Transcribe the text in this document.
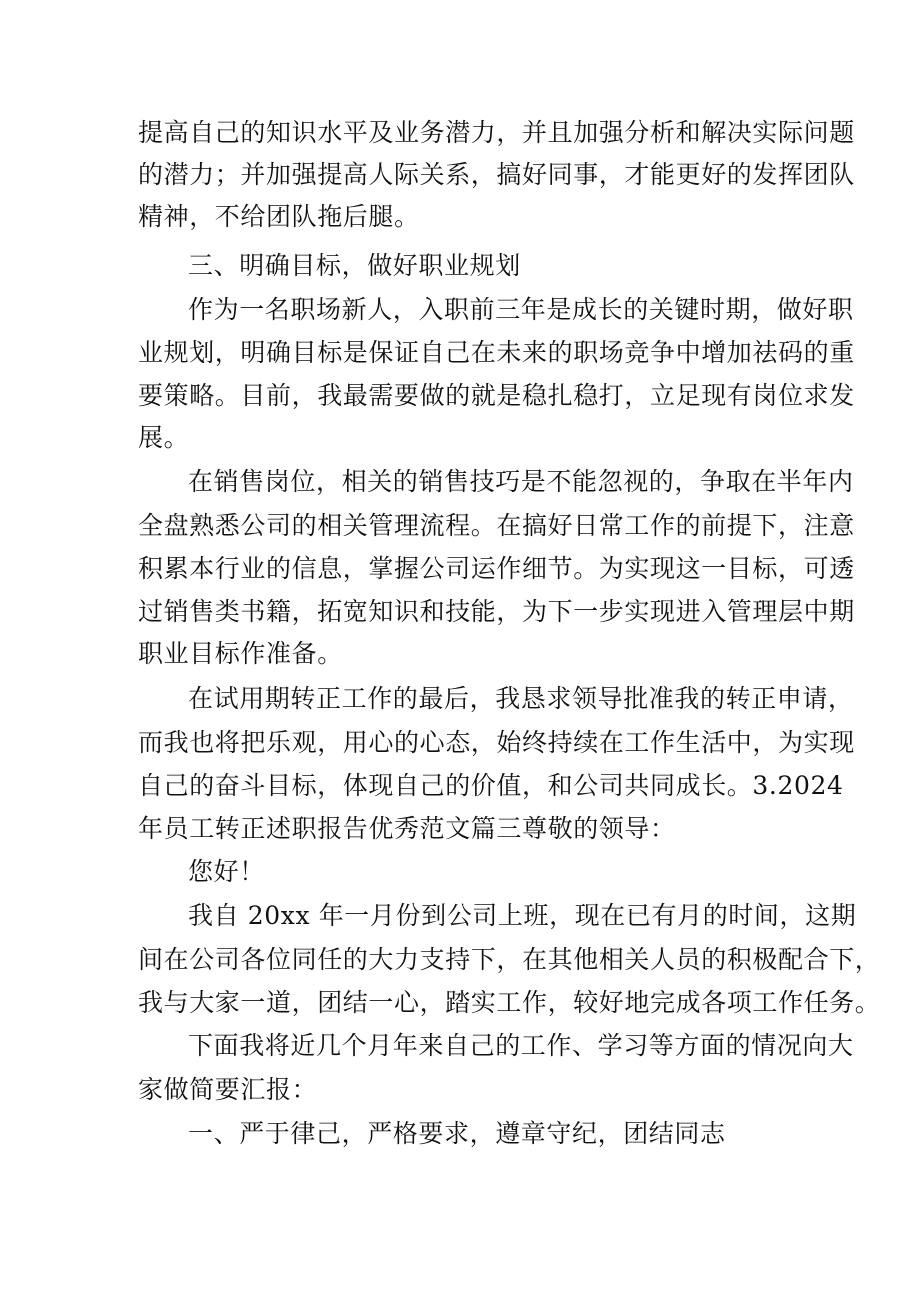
提高自己的知识水平及业务潜力，并且加强分析和解决实际问题
的潜力；并加强提高人际关系，搞好同事，才能更好的发挥团队
精神，不给团队拖后腿。
三、明确目标，做好职业规划
作为一名职场新人，入职前三年是成长的关键时期，做好职
业规划，明确目标是保证自己在未来的职场竞争中增加祛码的重
要策略。目前，我最需要做的就是稳扎稳打，立足现有岗位求发
展。
在销售岗位，相关的销售技巧是不能忽视的，争取在半年内
全盘熟悉公司的相关管理流程。在搞好日常工作的前提下，注意
积累本行业的信息，掌握公司运作细节。为实现这一目标，可透
过销售类书籍，拓宽知识和技能，为下一步实现进入管理层中期
职业目标作准备。
在试用期转正工作的最后，我恳求领导批准我的转正申请，
而我也将把乐观，用心的心态，始终持续在工作生活中，为实现
自己的奋斗目标，体现自己的价值，和公司共同成长。3.2024
年员工转正述职报告优秀范文篇三尊敬的领导：
您好！
我自 20xx 年一月份到公司上班，现在已有月的时间，这期
间在公司各位同任的大力支持下，在其他相关人员的积极配合下，
我与大家一道，团结一心，踏实工作，较好地完成各项工作任务。
下面我将近几个月年来自己的工作、学习等方面的情况向大
家做简要汇报：
一、严于律己，严格要求，遵章守纪，团结同志
